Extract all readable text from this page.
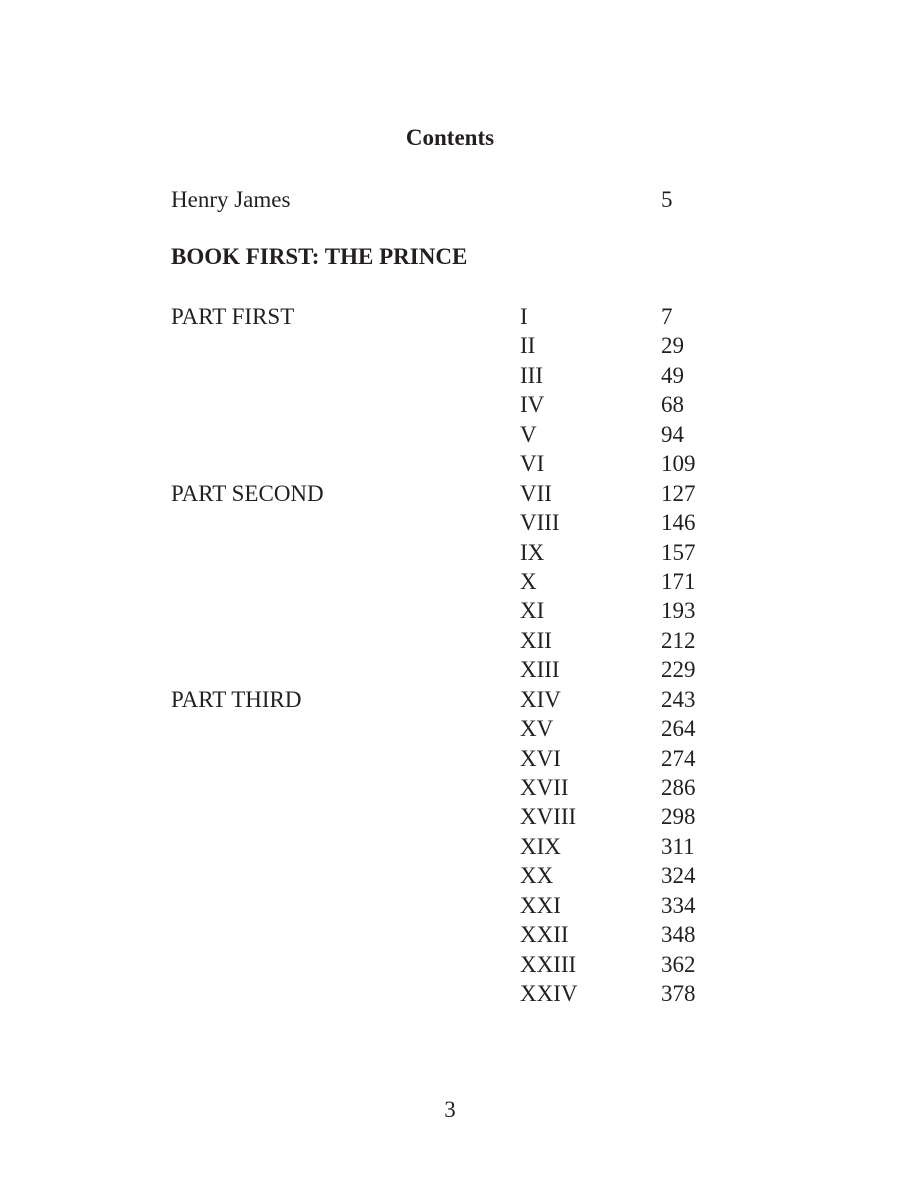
Contents
Henry James	5
BOOK FIRST: THE PRINCE
PART FIRST	I	7
II	29
III	49
IV	68
V	94
VI	109
PART SECOND	VII	127
VIII	146
IX	157
X	171
XI	193
XII	212
XIII	229
PART THIRD	XIV	243
XV	264
XVI	274
XVII	286
XVIII	298
XIX	311
XX	324
XXI	334
XXII	348
XXIII	362
XXIV	378
3
